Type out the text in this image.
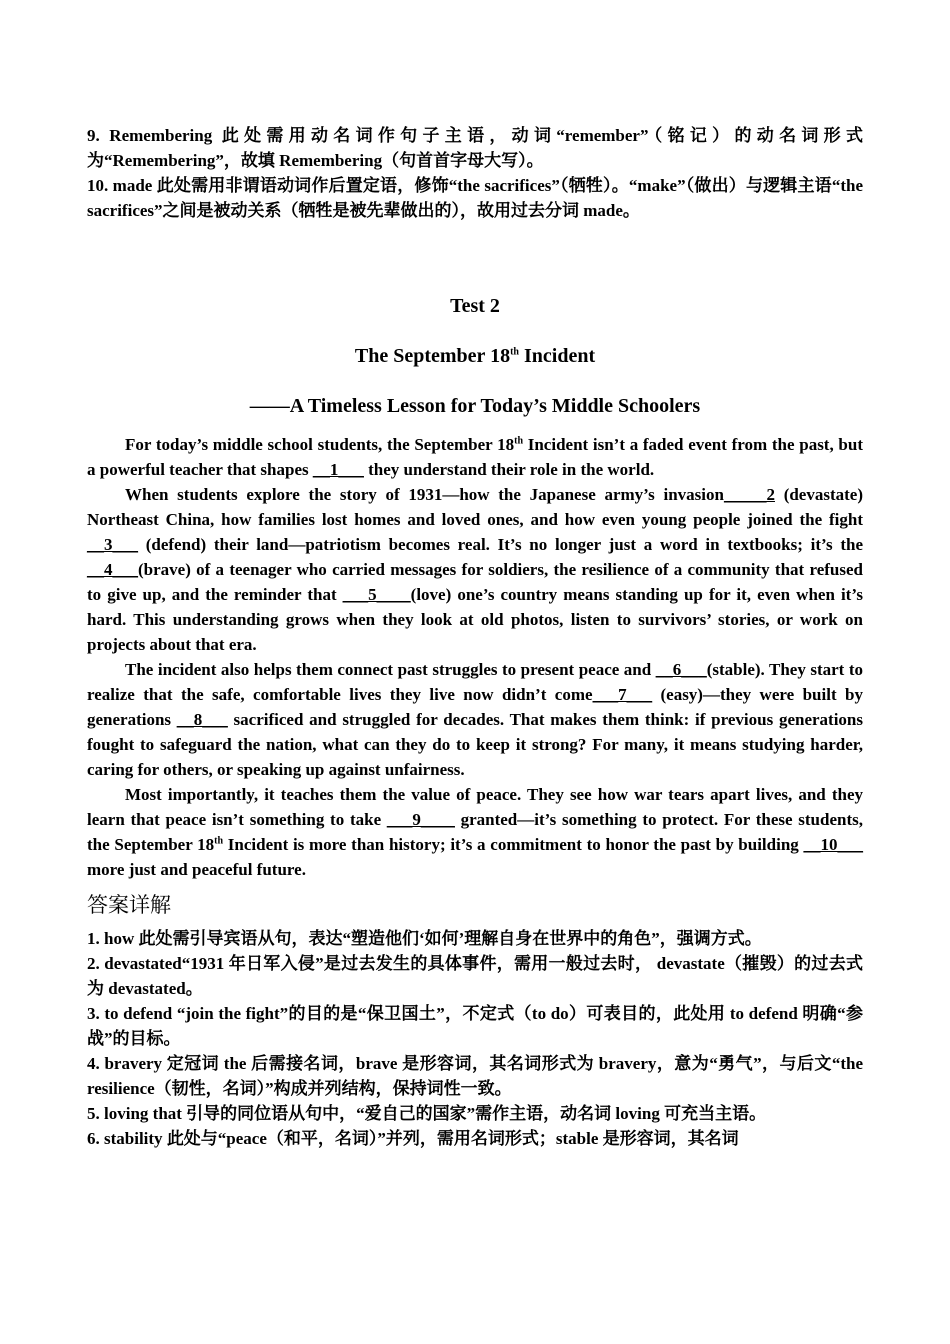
9. Remembering 此处需用动名词作句子主语，动词“remember”（铭记）的动名词形式为“Remembering”，故填 Remembering（句首首字母大写）。

10. made 此处需用非谓语动词作后置定语，修饰“the sacrifices”（牺牲）。“make”（做出）与逻辑主语“the sacrifices”之间是被动关系（牺牲是被先辈做出的），故用过去分词 made。

Test 2

The September 18th Incident

——A Timeless Lesson for Today’s Middle Schoolers

For today’s middle school students, the September 18th Incident isn’t a faded event from the past, but a powerful teacher that shapes __1___ they understand their role in the world.

When students explore the story of 1931—how the Japanese army’s invasion_____2 (devastate) Northeast China, how families lost homes and loved ones, and how even young people joined the fight __3___ (defend) their land—patriotism becomes real. It’s no longer just a word in textbooks; it’s the __4___(brave) of a teenager who carried messages for soldiers, the resilience of a community that refused to give up, and the reminder that ___5____(love) one’s country means standing up for it, even when it’s hard. This understanding grows when they look at old photos, listen to survivors’ stories, or work on projects about that era.

The incident also helps them connect past struggles to present peace and __6___(stable). They start to realize that the safe, comfortable lives they live now didn’t come___7___ (easy)—they were built by generations __8___ sacrificed and struggled for decades. That makes them think: if previous generations fought to safeguard the nation, what can they do to keep it strong? For many, it means studying harder, caring for others, or speaking up against unfairness.

Most importantly, it teaches them the value of peace. They see how war tears apart lives, and they learn that peace isn’t something to take ___9____ granted—it’s something to protect. For these students, the September 18th Incident is more than history; it’s a commitment to honor the past by building __10___ more just and peaceful future.

答案详解

1. how 此处需引导宾语从句，表达“塑造他们‘如何’理解自身在世界中的角色”，强调方式。

2. devastated“1931 年日军入侵”是过去发生的具体事件，需用一般过去时， devastate（摧毁）的过去式为 devastated。

3. to defend “join the fight”的目的是“保卫国土”，不定式（to do）可表目的，此处用 to defend 明确“参战”的目标。

4. bravery 定冠词 the 后需接名词，brave 是形容词，其名词形式为 bravery，意为“勇气”，与后文“the resilience（韧性，名词）”构成并列结构，保持词性一致。

5. loving that 引导的同位语从句中，“爱自己的国家”需作主语，动名词 loving 可充当主语。

6. stability 此处与“peace（和平，名词）”并列，需用名词形式；stable 是形容词，其名词
